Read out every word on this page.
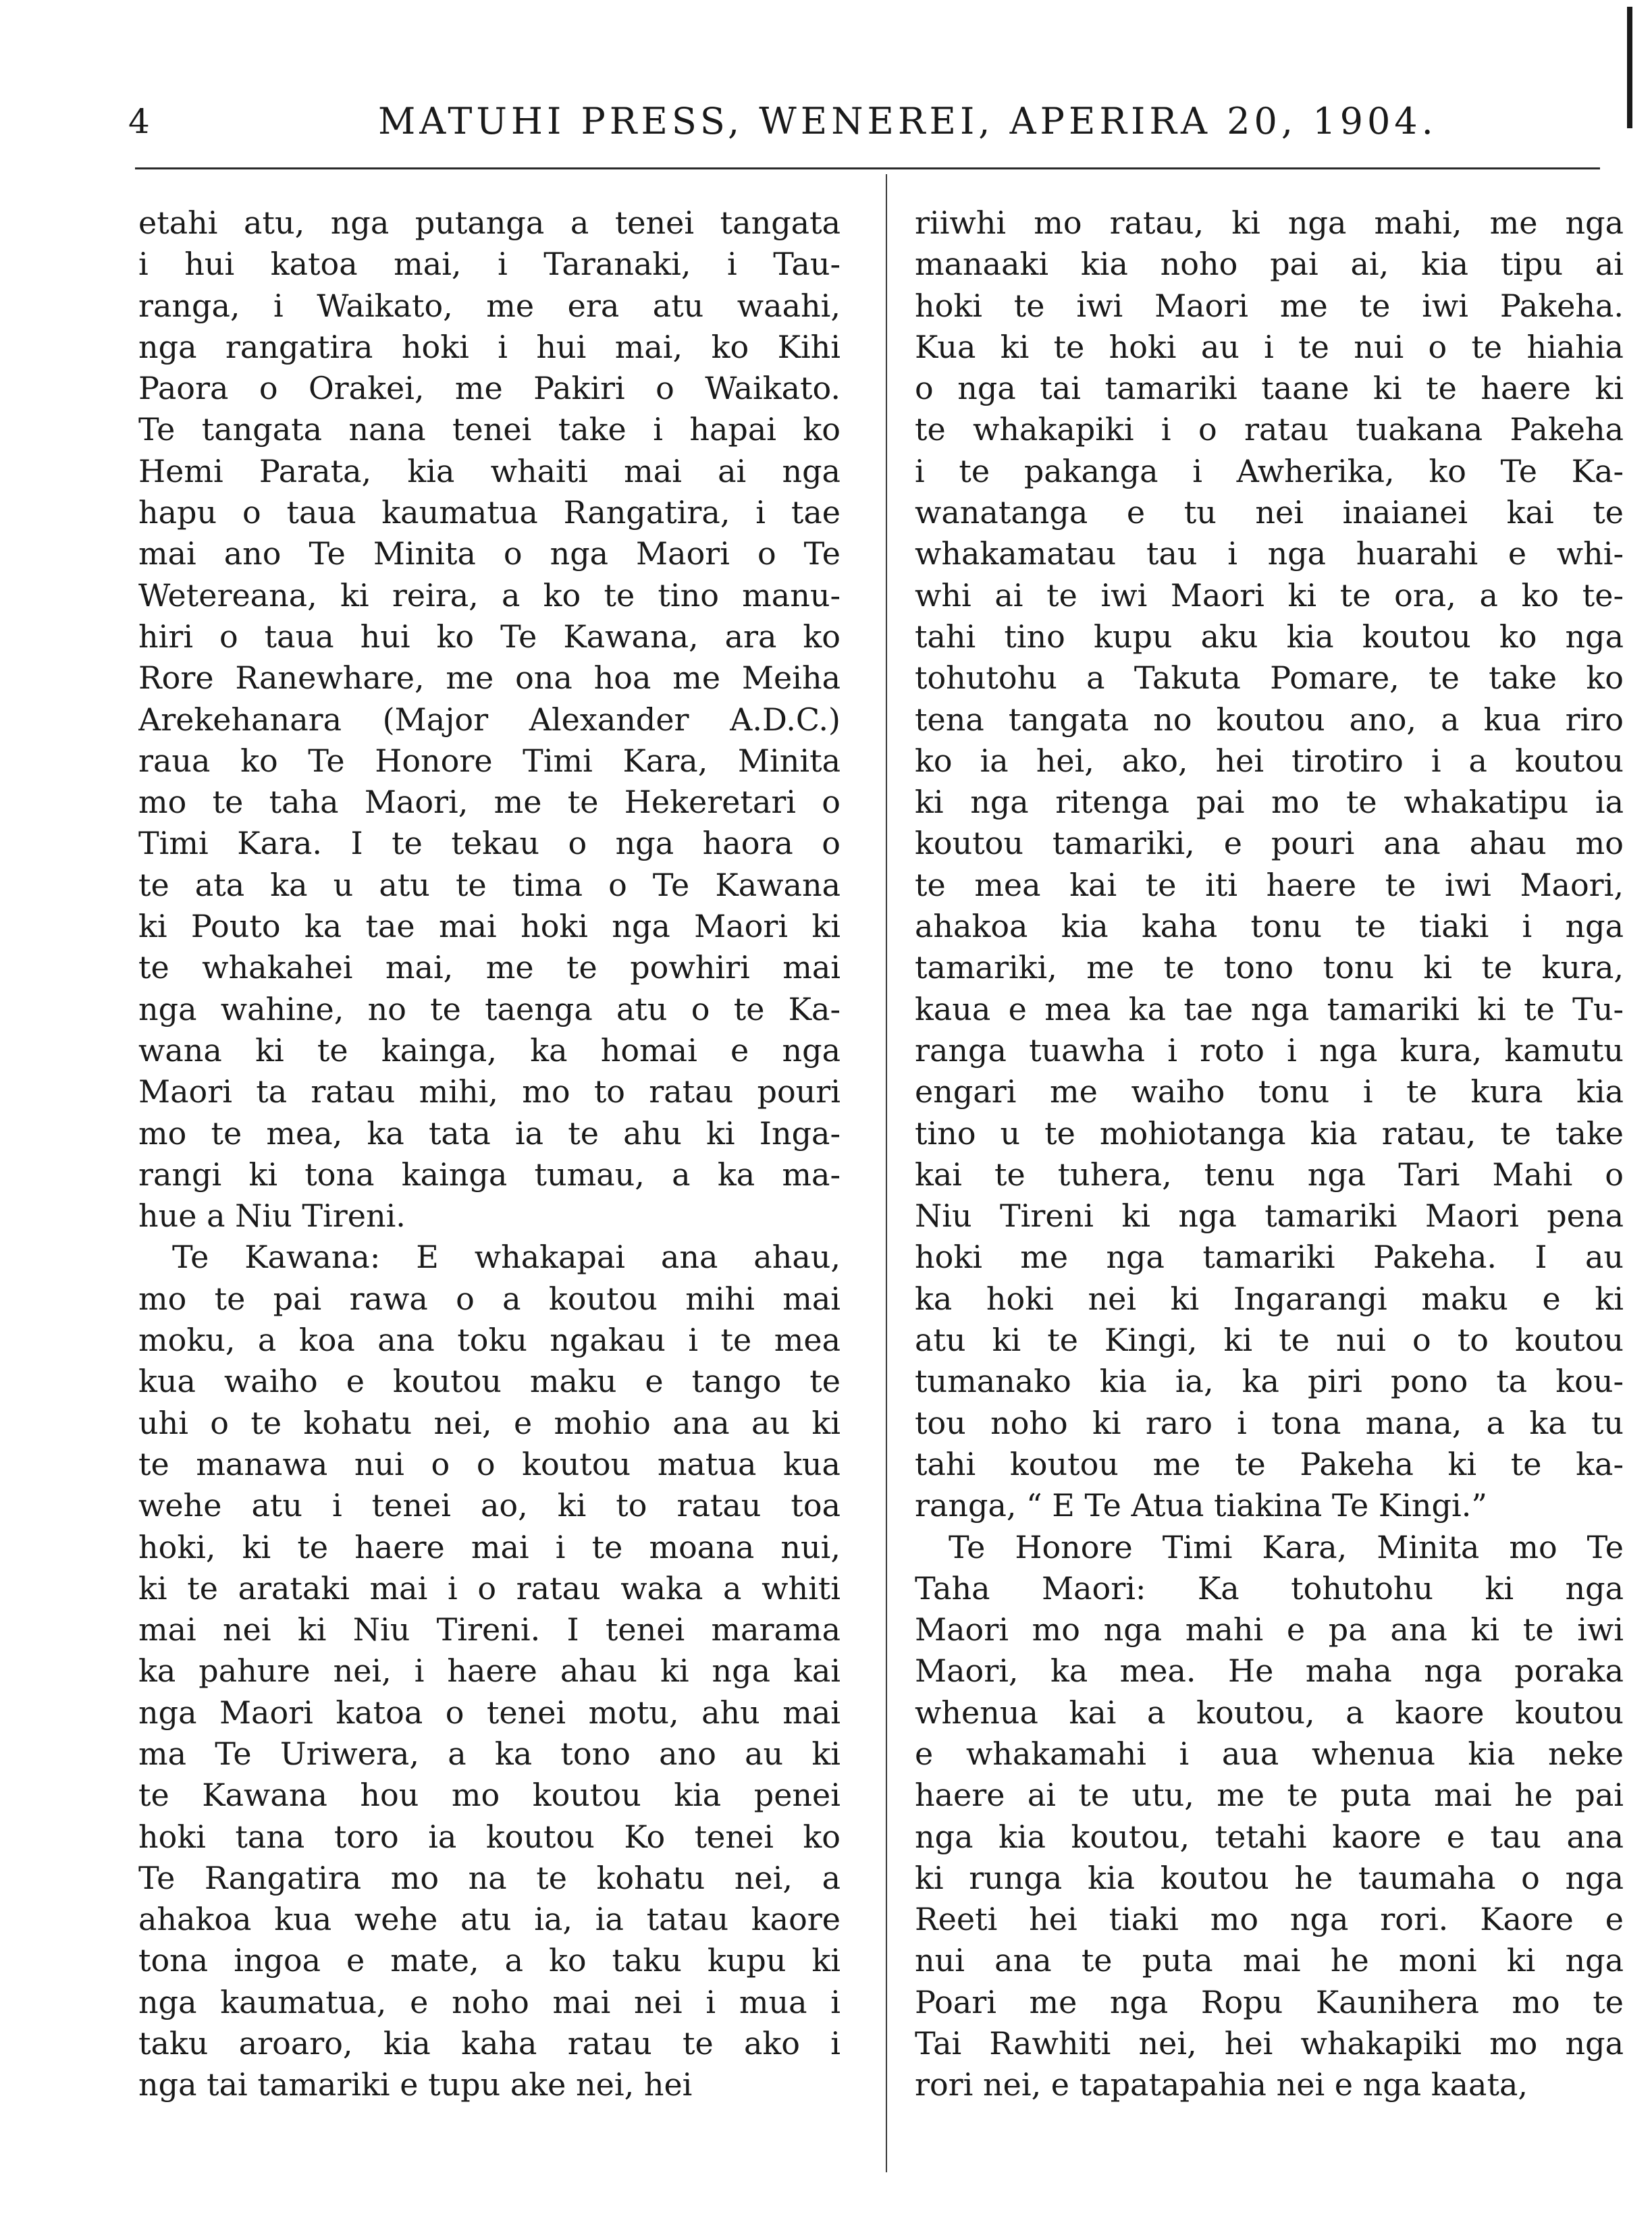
4	MATUHI PRESS, WENEREI, APERIRA 20, 1904.
etahi atu, nga putanga a tenei tangata
i hui katoa mai, i Taranaki, i Tau-
ranga, i Waikato, me era atu waahi,
nga rangatira hoki i hui mai, ko Kihi
Paora o Orakei, me Pakiri o Waikato.
Te tangata nana tenei take i hapai ko
Hemi Parata, kia whaiti mai ai nga
hapu o taua kaumatua Rangatira, i tae
mai ano Te Minita o nga Maori o Te
Wetereana, ki reira, a ko te tino manu-
hiri o taua hui ko Te Kawana, ara ko
Rore Ranewhare, me ona hoa me Meiha
Arekehanara (Major Alexander A.D.C.)
raua ko Te Honore Timi Kara, Minita
mo te taha Maori, me te Hekeretari o
Timi Kara. I te tekau o nga haora o
te ata ka u atu te tima o Te Kawana
ki Pouto ka tae mai hoki nga Maori ki
te whakahei mai, me te powhiri mai
nga wahine, no te taenga atu o te Ka-
wana ki te kainga, ka homai e nga
Maori ta ratau mihi, mo to ratau pouri
mo te mea, ka tata ia te ahu ki Inga-
rangi ki tona kainga tumau, a ka ma-
hue a Niu Tireni.
Te Kawana: E whakapai ana ahau,
mo te pai rawa o a koutou mihi mai
moku, a koa ana toku ngakau i te mea
kua waiho e koutou maku e tango te
uhi o te kohatu nei, e mohio ana au ki
te manawa nui o o koutou matua kua
wehe atu i tenei ao, ki to ratau toa
hoki, ki te haere mai i te moana nui,
ki te arataki mai i o ratau waka a whiti
mai nei ki Niu Tireni. I tenei marama
ka pahure nei, i haere ahau ki nga kai
nga Maori katoa o tenei motu, ahu mai
ma Te Uriwera, a ka tono ano au ki
te Kawana hou mo koutou kia penei
hoki tana toro ia koutou Ko tenei ko
Te Rangatira mo na te kohatu nei, a
ahakoa kua wehe atu ia, ia tatau kaore
tona ingoa e mate, a ko taku kupu ki
nga kaumatua, e noho mai nei i mua i
taku aroaro, kia kaha ratau te ako i
nga tai tamariki e tupu ake nei, hei
riiwhi mo ratau, ki nga mahi, me nga
manaaki kia noho pai ai, kia tipu ai
hoki te iwi Maori me te iwi Pakeha.
Kua ki te hoki au i te nui o te hiahia
o nga tai tamariki taane ki te haere ki
te whakapiki i o ratau tuakana Pakeha
i te pakanga i Awherika, ko Te Ka-
wanatanga e tu nei inaianei kai te
whakamatau tau i nga huarahi e whi-
whi ai te iwi Maori ki te ora, a ko te-
tahi tino kupu aku kia koutou ko nga
tohutohu a Takuta Pomare, te take ko
tena tangata no koutou ano, a kua riro
ko ia hei, ako, hei tirotiro i a koutou
ki nga ritenga pai mo te whakatipu ia
koutou tamariki, e pouri ana ahau mo
te mea kai te iti haere te iwi Maori,
ahakoa kia kaha tonu te tiaki i nga
tamariki, me te tono tonu ki te kura,
kaua e mea ka tae nga tamariki ki te Tu-
ranga tuawha i roto i nga kura, kamutu
engari me waiho tonu i te kura kia
tino u te mohiotanga kia ratau, te take
kai te tuhera, tenu nga Tari Mahi o
Niu Tireni ki nga tamariki Maori pena
hoki me nga tamariki Pakeha. I au
ka hoki nei ki Ingarangi maku e ki
atu ki te Kingi, ki te nui o to koutou
tumanako kia ia, ka piri pono ta kou-
tou noho ki raro i tona mana, a ka tu
tahi koutou me te Pakeha ki te ka-
ranga, “ E Te Atua tiakina Te Kingi.”
Te Honore Timi Kara, Minita mo Te
Taha Maori: Ka tohutohu ki nga
Maori mo nga mahi e pa ana ki te iwi
Maori, ka mea. He maha nga poraka
whenua kai a koutou, a kaore koutou
e whakamahi i aua whenua kia neke
haere ai te utu, me te puta mai he pai
nga kia koutou, tetahi kaore e tau ana
ki runga kia koutou he taumaha o nga
Reeti hei tiaki mo nga rori. Kaore e
nui ana te puta mai he moni ki nga
Poari me nga Ropu Kaunihera mo te
Tai Rawhiti nei, hei whakapiki mo nga
rori nei, e tapatapahia nei e nga kaata,
